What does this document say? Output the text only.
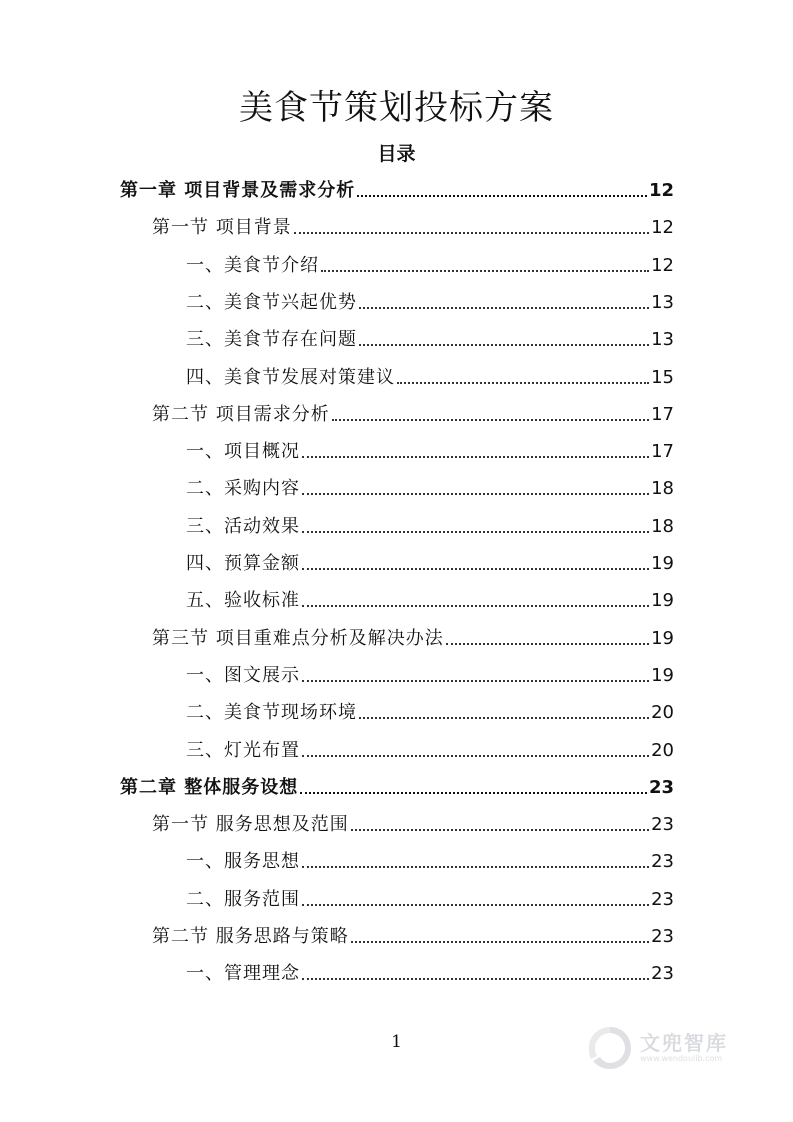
美食节策划投标方案
目录
第一章 项目背景及需求分析	12
第一节 项目背景	12
一、美食节介绍	12
二、美食节兴起优势	13
三、美食节存在问题	13
四、美食节发展对策建议	15
第二节 项目需求分析	17
一、项目概况	17
二、采购内容	18
三、活动效果	18
四、预算金额	19
五、验收标准	19
第三节 项目重难点分析及解决办法	19
一、图文展示	19
二、美食节现场环境	20
三、灯光布置	20
第二章 整体服务设想	23
第一节 服务思想及范围	23
一、服务思想	23
二、服务范围	23
第二节 服务思路与策略	23
一、管理理念	23
1	文兜智库
www.wendoulib.com
